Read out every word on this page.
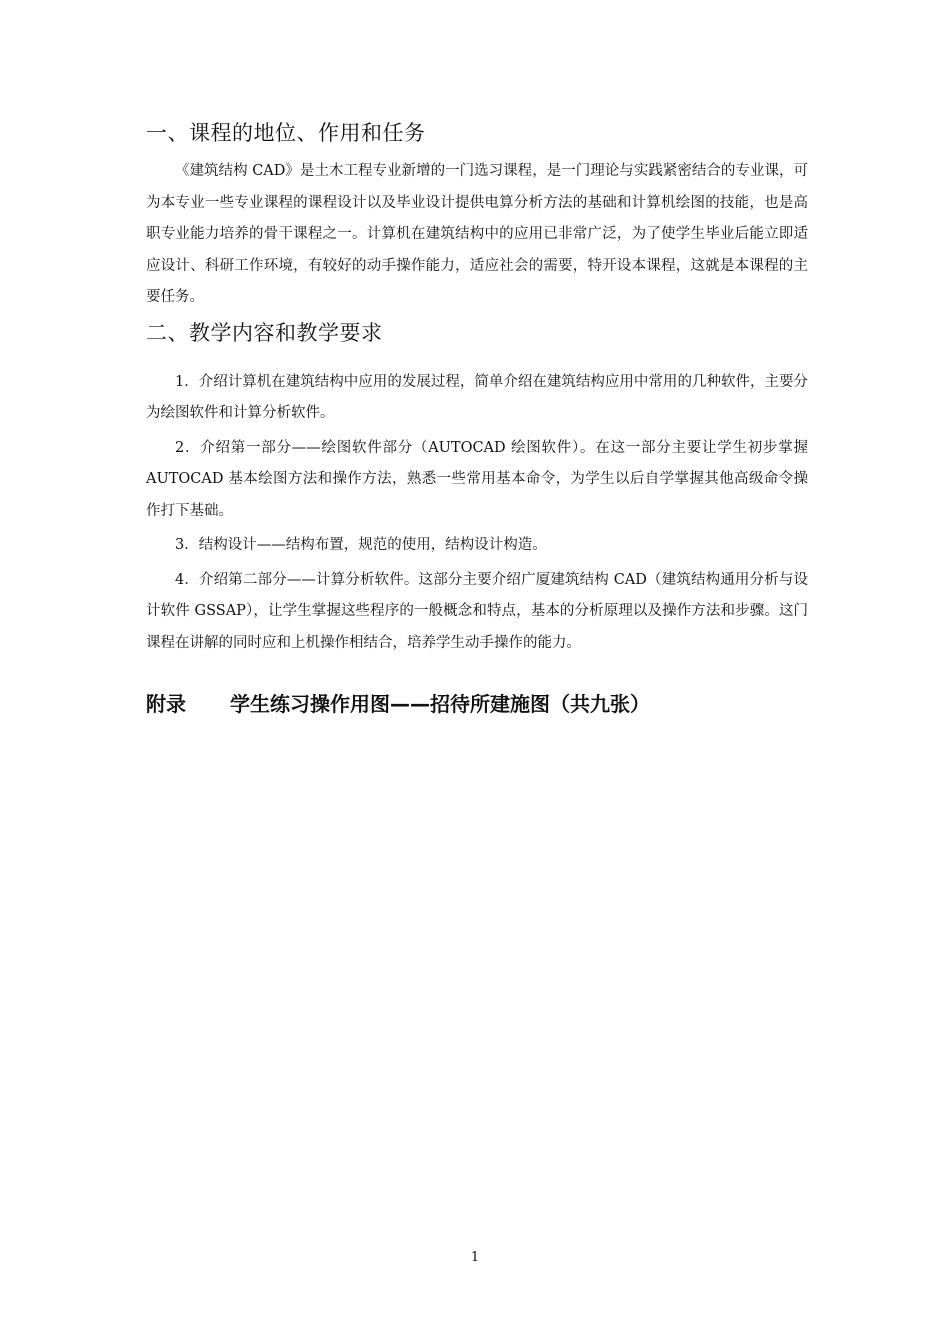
一、课程的地位、作用和任务

《建筑结构 CAD》是土木工程专业新增的一门选习课程，是一门理论与实践紧密结合的专业课，可为本专业一些专业课程的课程设计以及毕业设计提供电算分析方法的基础和计算机绘图的技能，也是高职专业能力培养的骨干课程之一。计算机在建筑结构中的应用已非常广泛，为了使学生毕业后能立即适应设计、科研工作环境，有较好的动手操作能力，适应社会的需要，特开设本课程，这就是本课程的主要任务。

二、教学内容和教学要求

1．介绍计算机在建筑结构中应用的发展过程，简单介绍在建筑结构应用中常用的几种软件，主要分为绘图软件和计算分析软件。

2．介绍第一部分——绘图软件部分（AUTOCAD 绘图软件）。在这一部分主要让学生初步掌握 AUTOCAD 基本绘图方法和操作方法，熟悉一些常用基本命令，为学生以后自学掌握其他高级命令操作打下基础。

3．结构设计——结构布置，规范的使用，结构设计构造。

4．介绍第二部分——计算分析软件。这部分主要介绍广厦建筑结构 CAD（建筑结构通用分析与设计软件 GSSAP），让学生掌握这些程序的一般概念和特点，基本的分析原理以及操作方法和步骤。这门课程在讲解的同时应和上机操作相结合，培养学生动手操作的能力。

附录 学生练习操作用图——招待所建施图（共九张）

1
